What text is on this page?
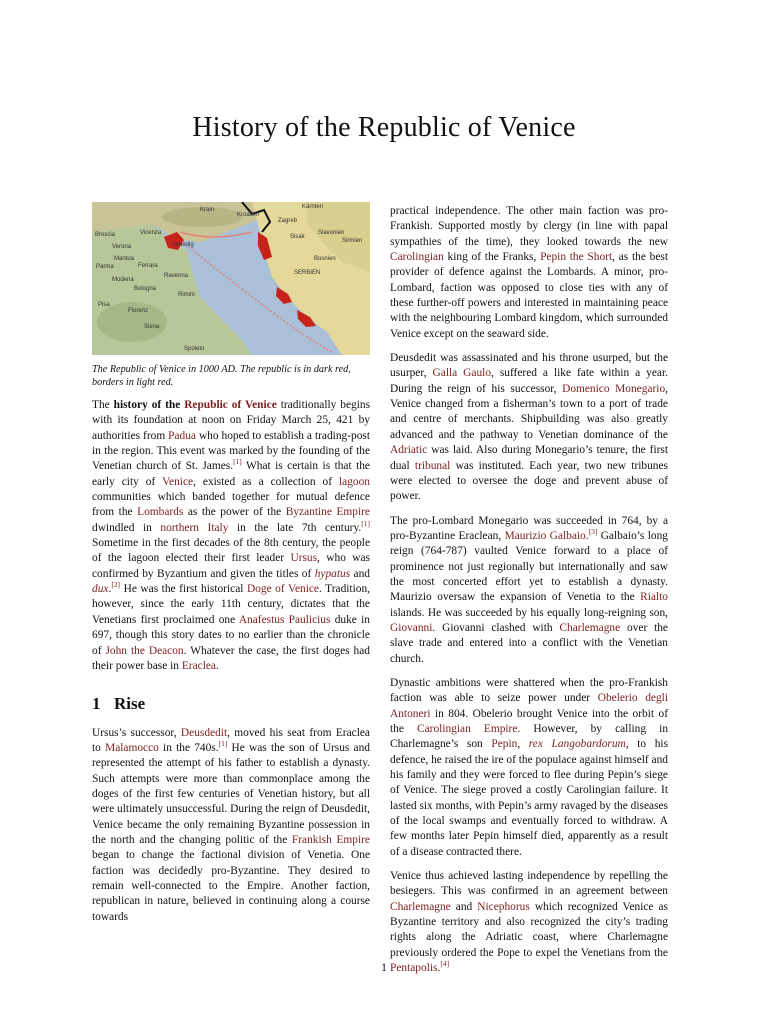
History of the Republic of Venice
Kärnten
Krain
Kroatien
Zagreb
Brescia
Verona
Vicenza
Venedig
Mantua
Parma	Ferrara
Modena
Bologna
Ravenna
Rimini
Pisa
Florenz
Siena
Spoleto
Slavonien
Sirmien
Sisak
Bosnien
SERBIEN

The Republic of Venice in 1000 AD. The republic is in dark red, borders in light red.

The history of the Republic of Venice traditionally begins with its foundation at noon on Friday March 25, 421 by authorities from Padua who hoped to establish a trading-post in the region. This event was marked by the founding of the Venetian church of St. James.[1] What is certain is that the early city of Venice, existed as a collection of lagoon communities which banded together for mutual defence from the Lombards as the power of the Byzantine Empire dwindled in northern Italy in the late 7th century.[1] Sometime in the first decades of the 8th century, the people of the lagoon elected their first leader Ursus, who was confirmed by Byzantium and given the titles of hypatus and dux.[2] He was the first historical Doge of Venice. Tradition, however, since the early 11th century, dictates that the Venetians first proclaimed one Anafestus Paulicius duke in 697, though this story dates to no earlier than the chronicle of John the Deacon. Whatever the case, the first doges had their power base in Eraclea.

1 Rise

Ursus’s successor, Deusdedit, moved his seat from Eraclea to Malamocco in the 740s.[1] He was the son of Ursus and represented the attempt of his father to establish a dynasty. Such attempts were more than commonplace among the doges of the first few centuries of Venetian history, but all were ultimately unsuccessful. During the reign of Deusdedit, Venice became the only remaining Byzantine possession in the north and the changing politic of the Frankish Empire began to change the factional division of Venetia. One faction was decidedly pro-Byzantine. They desired to remain well-connected to the Empire. Another faction, republican in nature, believed in continuing along a course towards

practical independence. The other main faction was pro-Frankish. Supported mostly by clergy (in line with papal sympathies of the time), they looked towards the new Carolingian king of the Franks, Pepin the Short, as the best provider of defence against the Lombards. A minor, pro-Lombard, faction was opposed to close ties with any of these further-off powers and interested in maintaining peace with the neighbouring Lombard kingdom, which surrounded Venice except on the seaward side.

Deusdedit was assassinated and his throne usurped, but the usurper, Galla Gaulo, suffered a like fate within a year. During the reign of his successor, Domenico Monegario, Venice changed from a fisherman’s town to a port of trade and centre of merchants. Shipbuilding was also greatly advanced and the pathway to Venetian dominance of the Adriatic was laid. Also during Monegario’s tenure, the first dual tribunal was instituted. Each year, two new tribunes were elected to oversee the doge and prevent abuse of power.

The pro-Lombard Monegario was succeeded in 764, by a pro-Byzantine Eraclean, Maurizio Galbaio.[3] Galbaio’s long reign (764-787) vaulted Venice forward to a place of prominence not just regionally but internationally and saw the most concerted effort yet to establish a dynasty. Maurizio oversaw the expansion of Venetia to the Rialto islands. He was succeeded by his equally long-reigning son, Giovanni. Giovanni clashed with Charlemagne over the slave trade and entered into a conflict with the Venetian church.

Dynastic ambitions were shattered when the pro-Frankish faction was able to seize power under Obelerio degli Antoneri in 804. Obelerio brought Venice into the orbit of the Carolingian Empire. However, by calling in Charlemagne’s son Pepin, rex Langobardorum, to his defence, he raised the ire of the populace against himself and his family and they were forced to flee during Pepin’s siege of Venice. The siege proved a costly Carolingian failure. It lasted six months, with Pepin’s army ravaged by the diseases of the local swamps and eventually forced to withdraw. A few months later Pepin himself died, apparently as a result of a disease contracted there.

Venice thus achieved lasting independence by repelling the besiegers. This was confirmed in an agreement between Charlemagne and Nicephorus which recognized Venice as Byzantine territory and also recognized the city’s trading rights along the Adriatic coast, where Charlemagne previously ordered the Pope to expel the Venetians from the Pentapolis.[4]

1
